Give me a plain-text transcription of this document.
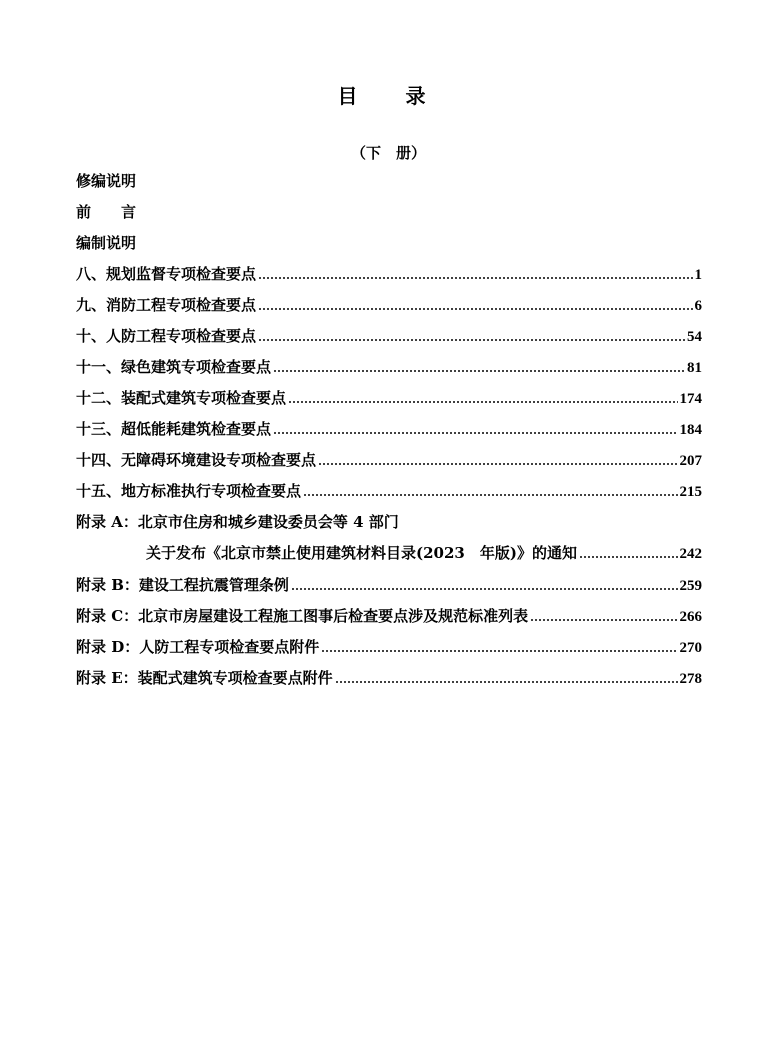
目　录
（下　册）
修编说明
前　　言
编制说明
八、规划监督专项检查要点	1
九、消防工程专项检查要点	6
十、人防工程专项检查要点	54
十一、绿色建筑专项检查要点	81
十二、装配式建筑专项检查要点	174
十三、超低能耗建筑检查要点	184
十四、无障碍环境建设专项检查要点	207
十五、地方标准执行专项检查要点	215
附录 A：北京市住房和城乡建设委员会等 4 部门
关于发布《北京市禁止使用建筑材料目录(2023　年版)》的通知	242
附录 B：建设工程抗震管理条例	259
附录 C：北京市房屋建设工程施工图事后检查要点涉及规范标准列表	266
附录 D：人防工程专项检查要点附件	270
附录 E：装配式建筑专项检查要点附件	278
